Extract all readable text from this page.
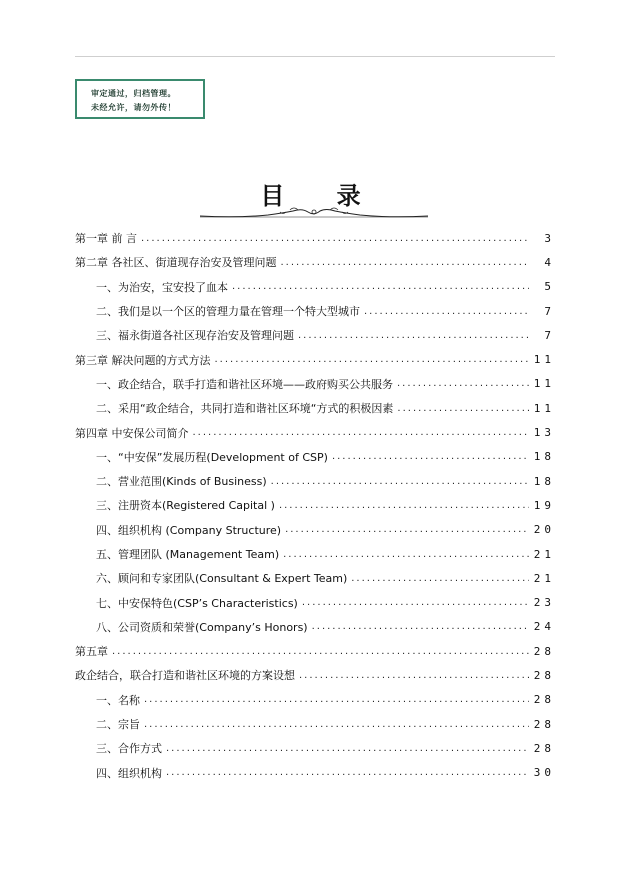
审定通过，归档管理。
未经允许，请勿外传！
目 录
第一章 前 言 .....	3
第二章 各社区、街道现存治安及管理问题 .....	4
一、为治安，宝安投了血本 .....	5
二、我们是以一个区的管理力量在管理一个特大型城市 .....	7
三、福永街道各社区现存治安及管理问题 .....	7
第三章 解决问题的方式方法 .....	11
一、政企结合，联手打造和谐社区环境——政府购买公共服务 .....	11
二、采用“政企结合，共同打造和谐社区环境“方式的积极因素 .....	11
第四章 中安保公司简介 .....	13
一、“中安保”发展历程(Development of CSP) .....	18
二、营业范围(Kinds of Business) .....	18
三、注册资本(Registered Capital ) .....	19
四、组织机构 (Company Structure) .....	20
五、管理团队 (Management Team) .....	21
六、顾问和专家团队(Consultant & Expert Team) .....	21
七、中安保特色(CSP’s Characteristics) .....	23
八、公司资质和荣誉(Company’s Honors) .....	24
第五章 .....	28
政企结合，联合打造和谐社区环境的方案设想 .....	28
一、名称 .....	28
二、宗旨 .....	28
三、合作方式 .....	28
四、组织机构 .....	30
